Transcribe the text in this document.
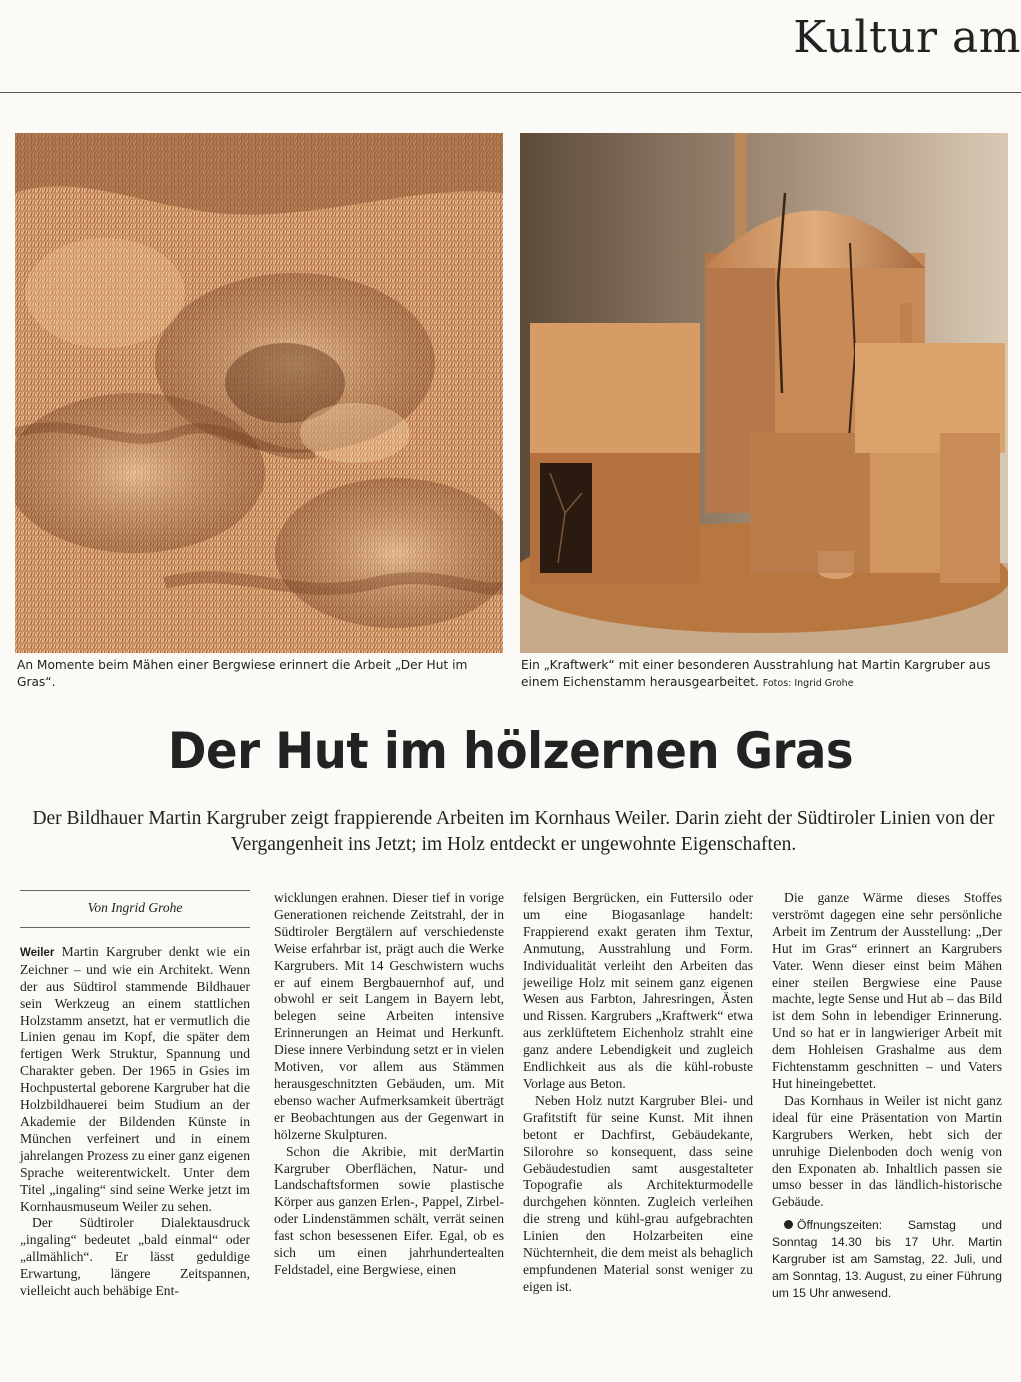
Kultur am
An Momente beim Mähen einer Bergwiese erinnert die Arbeit „Der Hut im Gras“.
Ein „Kraftwerk“ mit einer besonderen Ausstrahlung hat Martin Kargruber aus einem Eichenstamm herausgearbeitet. Fotos: Ingrid Grohe
Der Hut im hölzernen Gras
Der Bildhauer Martin Kargruber zeigt frappierende Arbeiten im Kornhaus Weiler. Darin zieht der Südtiroler Linien von der Vergangenheit ins Jetzt; im Holz entdeckt er ungewohnte Eigenschaften.
Von Ingrid Grohe

Weiler Martin Kargruber denkt wie ein Zeichner – und wie ein Architekt. Wenn der aus Südtirol stammende Bildhauer sein Werkzeug an einem stattlichen Holzstamm ansetzt, hat er vermutlich die Linien genau im Kopf, die später dem fertigen Werk Struktur, Spannung und Charakter geben. Der 1965 in Gsies im Hochpustertal geborene Kargruber hat die Holzbildhauerei beim Studium an der Akademie der Bildenden Künste in München verfeinert und in einem jahrelangen Prozess zu einer ganz eigenen Sprache weiterentwickelt. Unter dem Titel „ingaling“ sind seine Werke jetzt im Kornhausmuseum Weiler zu sehen.

Der Südtiroler Dialektausdruck „ingaling“ bedeutet „bald einmal“ oder „allmählich“. Er lässt geduldige Erwartung, längere Zeitspannen, vielleicht auch behäbige Ent-

wicklungen erahnen. Dieser tief in vorige Generationen reichende Zeitstrahl, der in Südtiroler Bergtälern auf verschiedenste Weise erfahrbar ist, prägt auch die Werke Kargrubers. Mit 14 Geschwistern wuchs er auf einem Bergbauernhof auf, und obwohl er seit Langem in Bayern lebt, belegen seine Arbeiten intensive Erinnerungen an Heimat und Herkunft. Diese innere Verbindung setzt er in vielen Motiven, vor allem aus Stämmen herausgeschnitzten Gebäuden, um. Mit ebenso wacher Aufmerksamkeit überträgt er Beobachtungen aus der Gegenwart in hölzerne Skulpturen.

Schon die Akribie, mit derMartin Kargruber Oberflächen, Natur- und Landschaftsformen sowie plastische Körper aus ganzen Erlen-, Pappel, Zirbel- oder Lindenstämmen schält, verrät seinen fast schon besessenen Eifer. Egal, ob es sich um einen jahrhundertealten Feldstadel, eine Bergwiese, einen

felsigen Bergrücken, ein Futtersilo oder um eine Biogasanlage handelt: Frappierend exakt geraten ihm Textur, Anmutung, Ausstrahlung und Form. Individualität verleiht den Arbeiten das jeweilige Holz mit seinem ganz eigenen Wesen aus Farbton, Jahresringen, Ästen und Rissen. Kargrubers „Kraftwerk“ etwa aus zerklüftetem Eichenholz strahlt eine ganz andere Lebendigkeit und zugleich Endlichkeit aus als die kühl-robuste Vorlage aus Beton.

Neben Holz nutzt Kargruber Blei- und Grafitstift für seine Kunst. Mit ihnen betont er Dachfirst, Gebäudekante, Silorohre so konsequent, dass seine Gebäudestudien samt ausgestalteter Topografie als Architekturmodelle durchgehen könnten. Zugleich verleihen die streng und kühl-grau aufgebrachten Linien den Holzarbeiten eine Nüchternheit, die dem meist als behaglich empfundenen Material sonst weniger zu eigen ist.

Die ganze Wärme dieses Stoffes verströmt dagegen eine sehr persönliche Arbeit im Zentrum der Ausstellung: „Der Hut im Gras“ erinnert an Kargrubers Vater. Wenn dieser einst beim Mähen einer steilen Bergwiese eine Pause machte, legte Sense und Hut ab – das Bild ist dem Sohn in lebendiger Erinnerung. Und so hat er in langwieriger Arbeit mit dem Hohleisen Grashalme aus dem Fichtenstamm geschnitten – und Vaters Hut hineingebettet.

Das Kornhaus in Weiler ist nicht ganz ideal für eine Präsentation von Martin Kargrubers Werken, hebt sich der unruhige Dielenboden doch wenig von den Exponaten ab. Inhaltlich passen sie umso besser in das ländlich-historische Gebäude.

Öffnungszeiten: Samstag und Sonntag 14.30 bis 17 Uhr. Martin Kargruber ist am Samstag, 22. Juli, und am Sonntag, 13. August, zu einer Führung um 15 Uhr anwesend.
